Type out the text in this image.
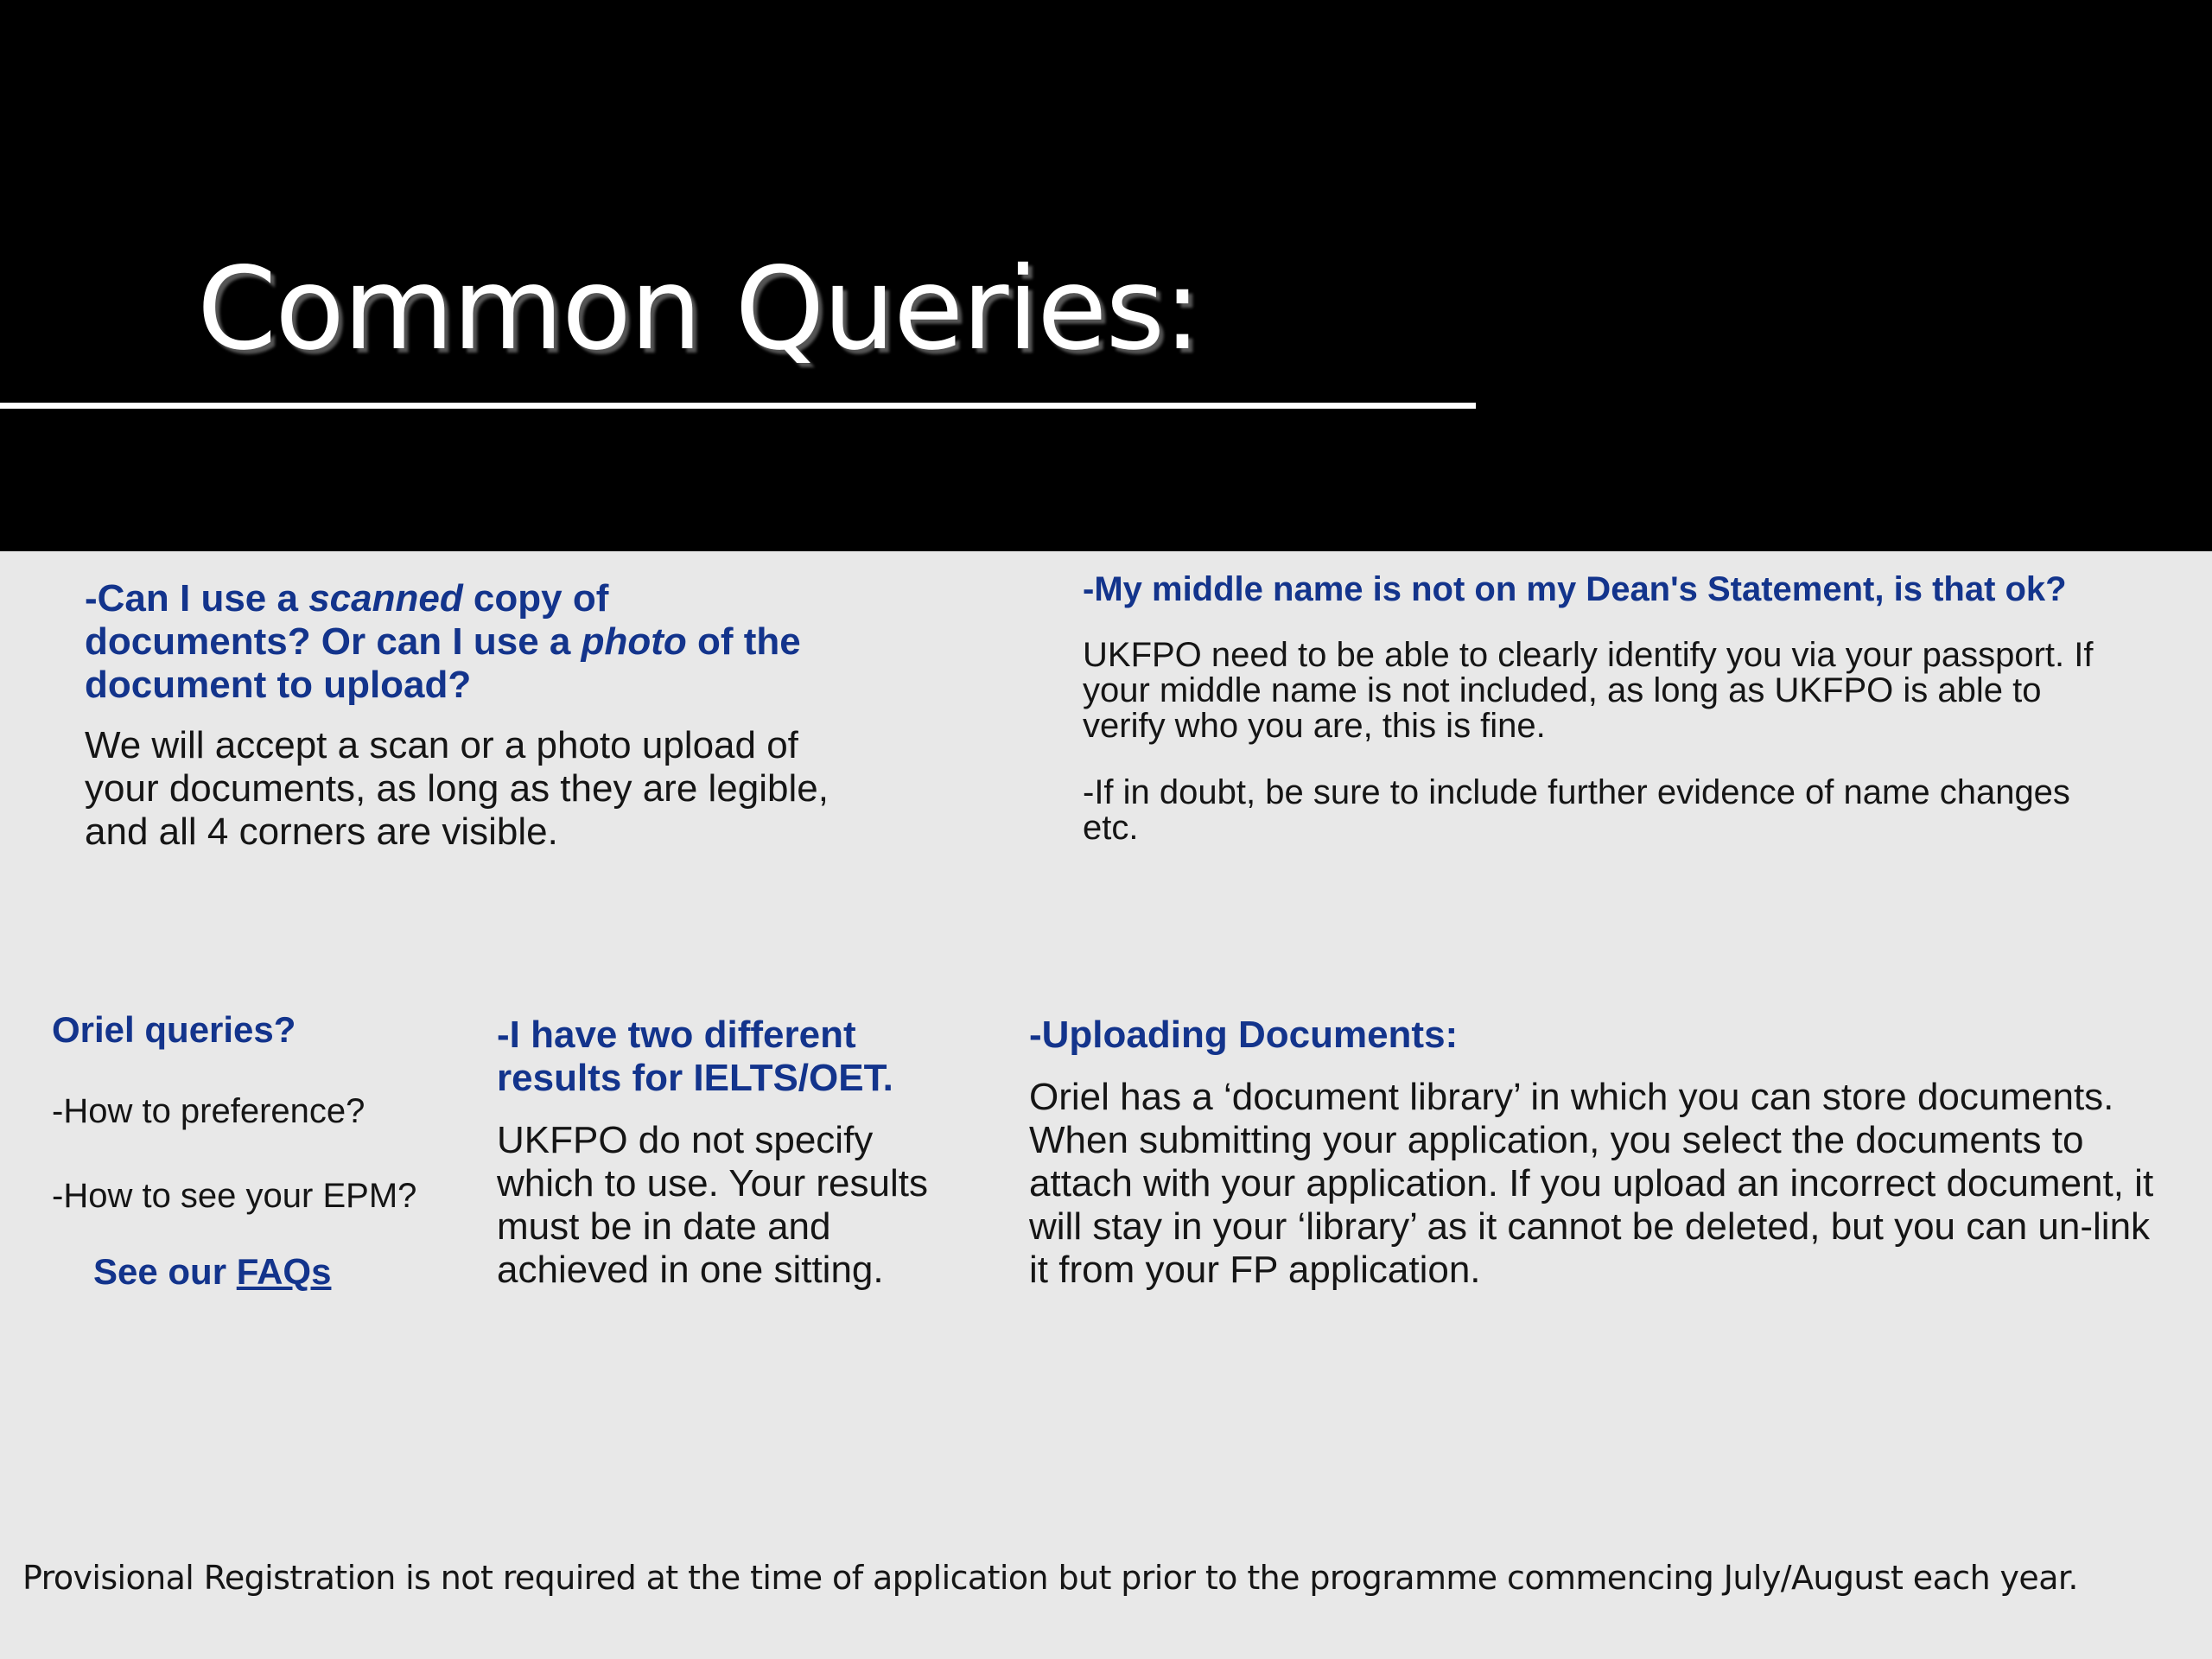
Common Queries:

-Can I use a scanned copy of documents? Or can I use a photo of the document to upload?

We will accept a scan or a photo upload of your documents, as long as they are legible, and all 4 corners are visible.

-My middle name is not on my Dean's Statement, is that ok?

UKFPO need to be able to clearly identify you via your passport. If your middle name is not included, as long as UKFPO is able to verify who you are, this is fine.

-If in doubt, be sure to include further evidence of name changes etc.

Oriel queries?

-How to preference?

-How to see your EPM?

See our FAQs

-I have two different results for IELTS/OET.

UKFPO do not specify which to use. Your results must be in date and achieved in one sitting.

-Uploading Documents:

Oriel has a ‘document library’ in which you can store documents. When submitting your application, you select the documents to attach with your application. If you upload an incorrect document, it will stay in your ‘library’ as it cannot be deleted, but you can un-link it from your FP application.

Provisional Registration is not required at the time of application but prior to the programme commencing July/August each year.
